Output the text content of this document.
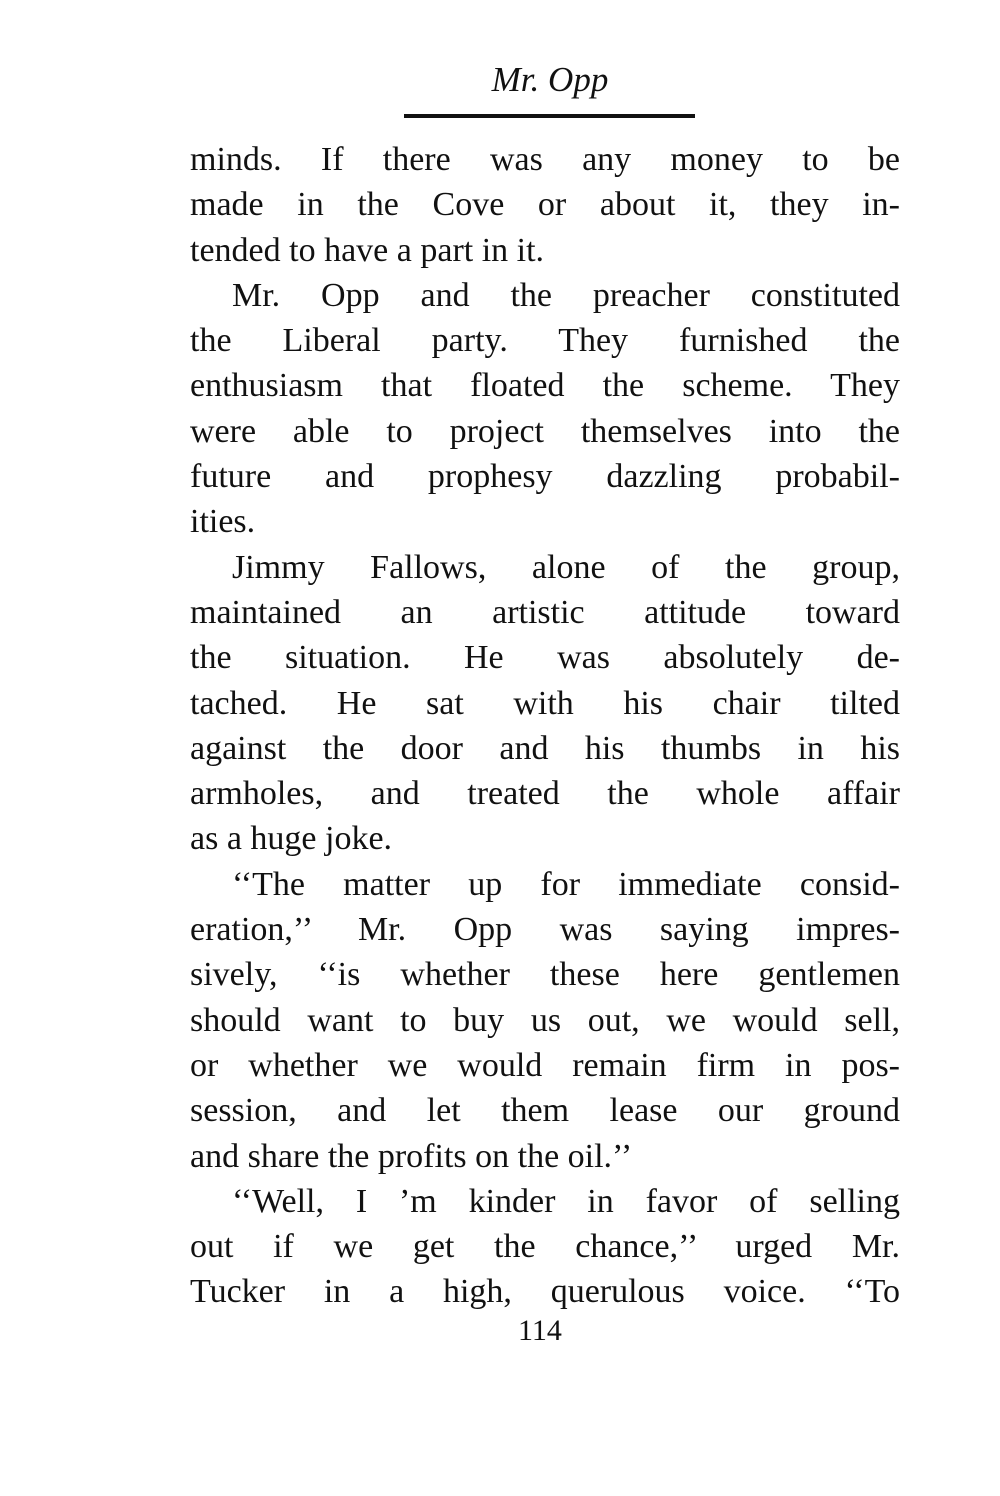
Mr. Opp
minds. If there was any money to be
made in the Cove or about it, they in-
tended to have a part in it.
Mr. Opp and the preacher constituted
the Liberal party. They furnished the
enthusiasm that floated the scheme. They
were able to project themselves into the
future and prophesy dazzling probabil-
ities.
Jimmy Fallows, alone of the group,
maintained an artistic attitude toward
the situation. He was absolutely de-
tached. He sat with his chair tilted
against the door and his thumbs in his
armholes, and treated the whole affair
as a huge joke.
‘‘The matter up for immediate consid-
eration,’’ Mr. Opp was saying impres-
sively, ‘‘is whether these here gentlemen
should want to buy us out, we would sell,
or whether we would remain firm in pos-
session, and let them lease our ground
and share the profits on the oil.’’
‘‘Well, I ’m kinder in favor of selling
out if we get the chance,’’ urged Mr.
Tucker in a high, querulous voice. ‘‘To
114
